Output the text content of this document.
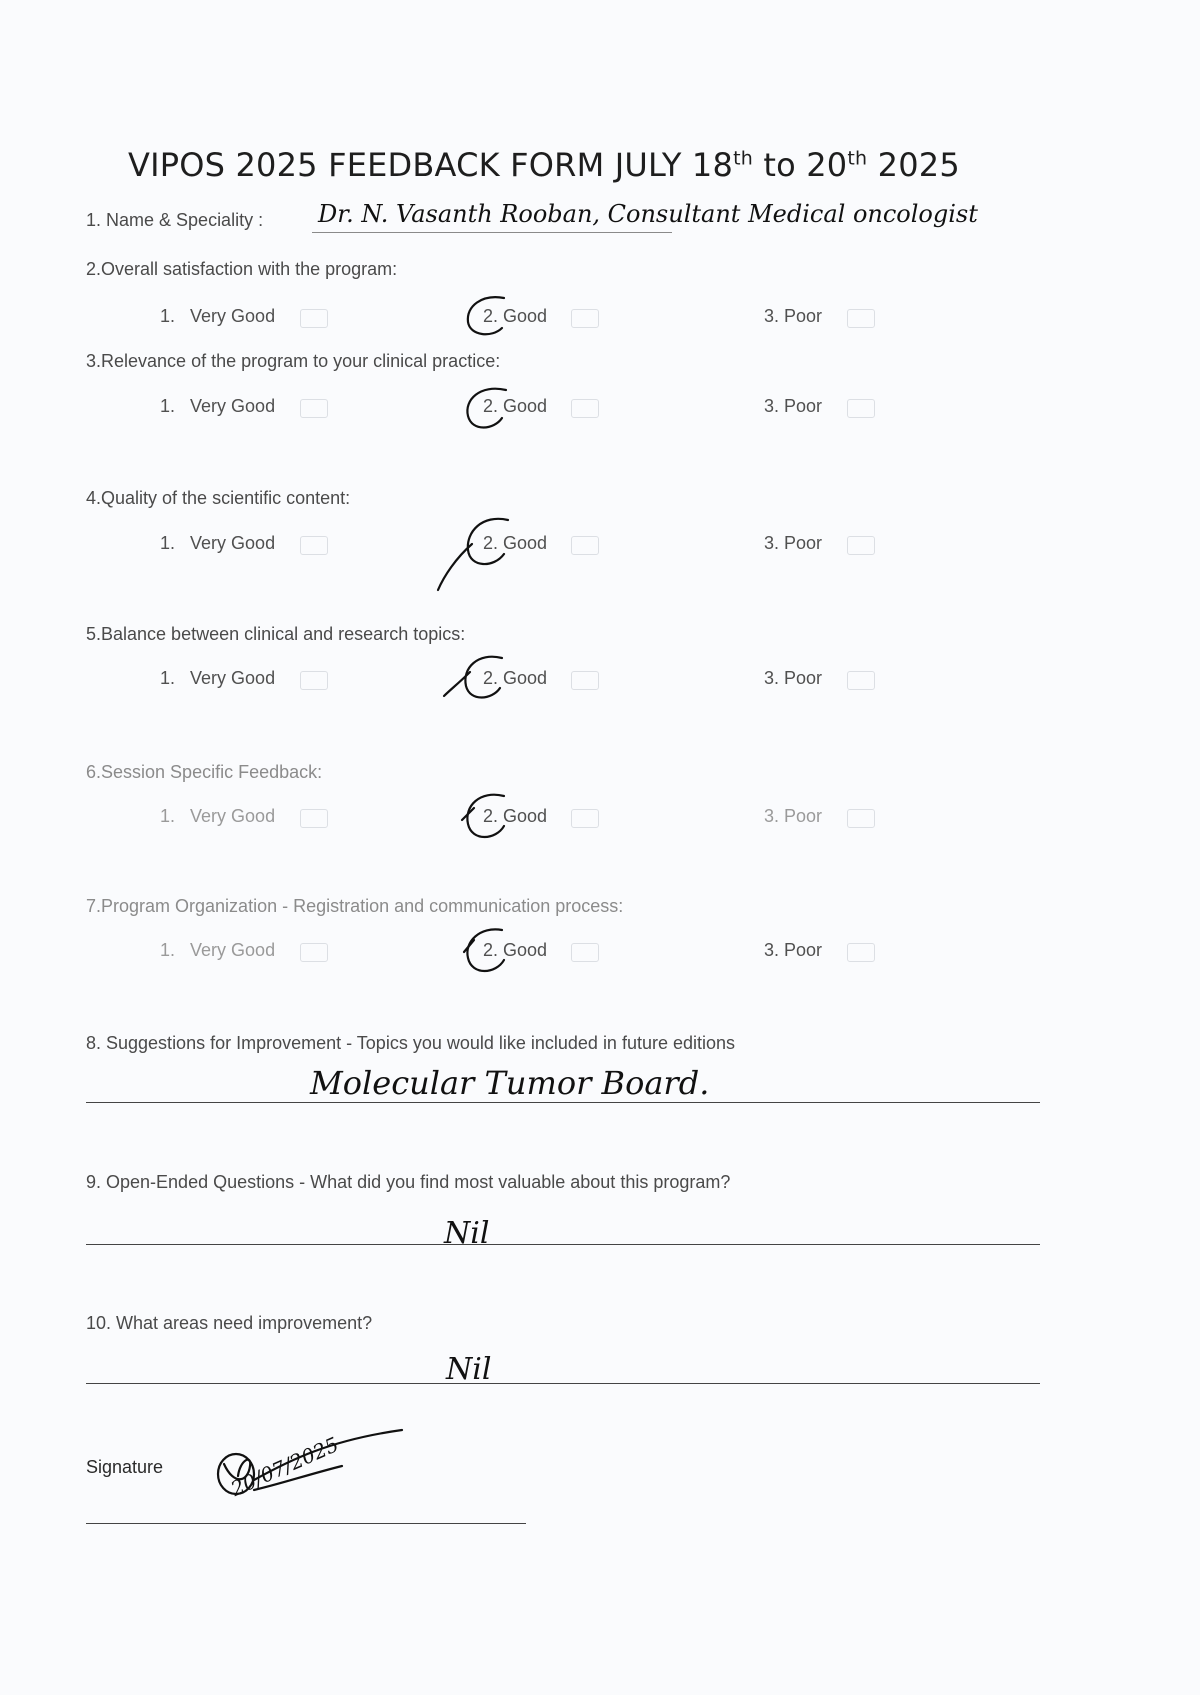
VIPOS 2025 FEEDBACK FORM JULY 18th to 20th 2025
1. Name & Speciality : Dr. N. Vasanth Rooban, Consultant Medical oncologist
2.Overall satisfaction with the program:
1. Very Good	2. Good	3. Poor
3.Relevance of the program to your clinical practice:
1. Very Good	2. Good	3. Poor
4.Quality of the scientific content:
1. Very Good	2. Good	3. Poor
5.Balance between clinical and research topics:
1. Very Good	2. Good	3. Poor
6.Session Specific Feedback:
1. Very Good	2. Good	3. Poor
7.Program Organization - Registration and communication process:
1. Very Good	2. Good	3. Poor
8. Suggestions for Improvement - Topics you would like included in future editions
Molecular Tumor Board.
9. Open-Ended Questions - What did you find most valuable about this program?
Nil
10. What areas need improvement?
Nil
Signature	20/07/2025
